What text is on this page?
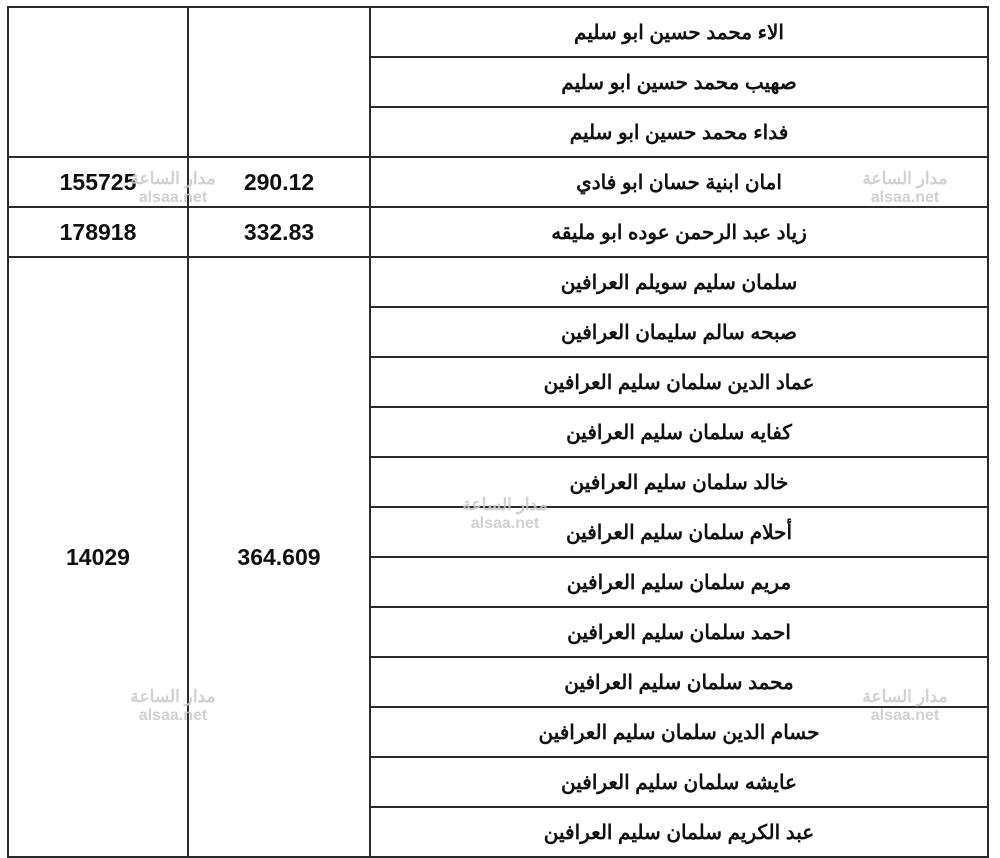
الاء محمد حسين ابو سليم		
صهيب محمد حسين ابو سليم		
فداء محمد حسين ابو سليم		
امان ابنية حسان ابو فادي	290.12	155725
زياد عبد الرحمن عوده ابو مليقه	332.83	178918
سلمان سليم سويلم العرافين	364.609	14029
صبحه سالم سليمان العرافين		
عماد الدين سلمان سليم العرافين		
كفايه سلمان سليم العرافين		
خالد سلمان سليم العرافين		
أحلام سلمان سليم العرافين		
مريم سلمان سليم العرافين		
احمد سلمان سليم العرافين		
محمد سلمان سليم العرافين		
حسام الدين سلمان سليم العرافين		
عايشه سلمان سليم العرافين		
عبد الكريم سلمان سليم العرافين		
مدار الساعة
alsaa.net
مدار الساعة
alsaa.net
مدار الساعة
alsaa.net
مدار الساعة
alsaa.net
مدار الساعة
alsaa.net
